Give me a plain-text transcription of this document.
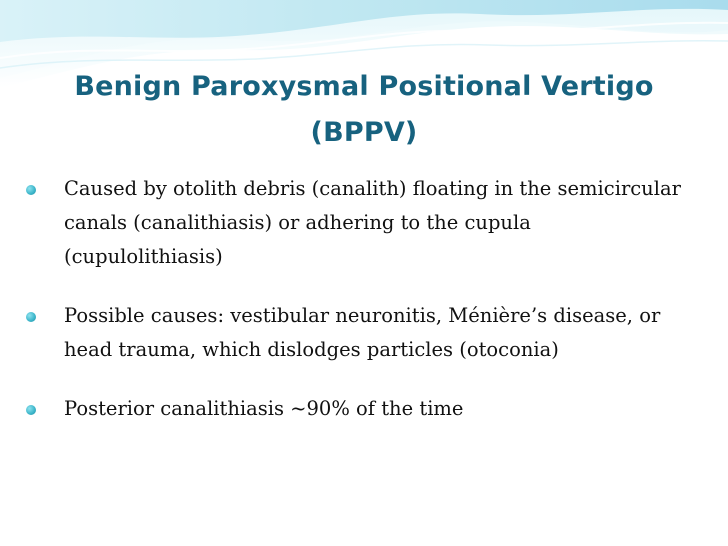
Benign Paroxysmal Positional Vertigo
(BPPV)
Caused by otolith debris (canalith) floating in the semicircular canals (canalithiasis) or adhering to the cupula (cupulolithiasis)
Possible causes: vestibular neuronitis, Ménière’s disease, or head trauma, which dislodges particles (otoconia)
Posterior canalithiasis ~90% of the time
